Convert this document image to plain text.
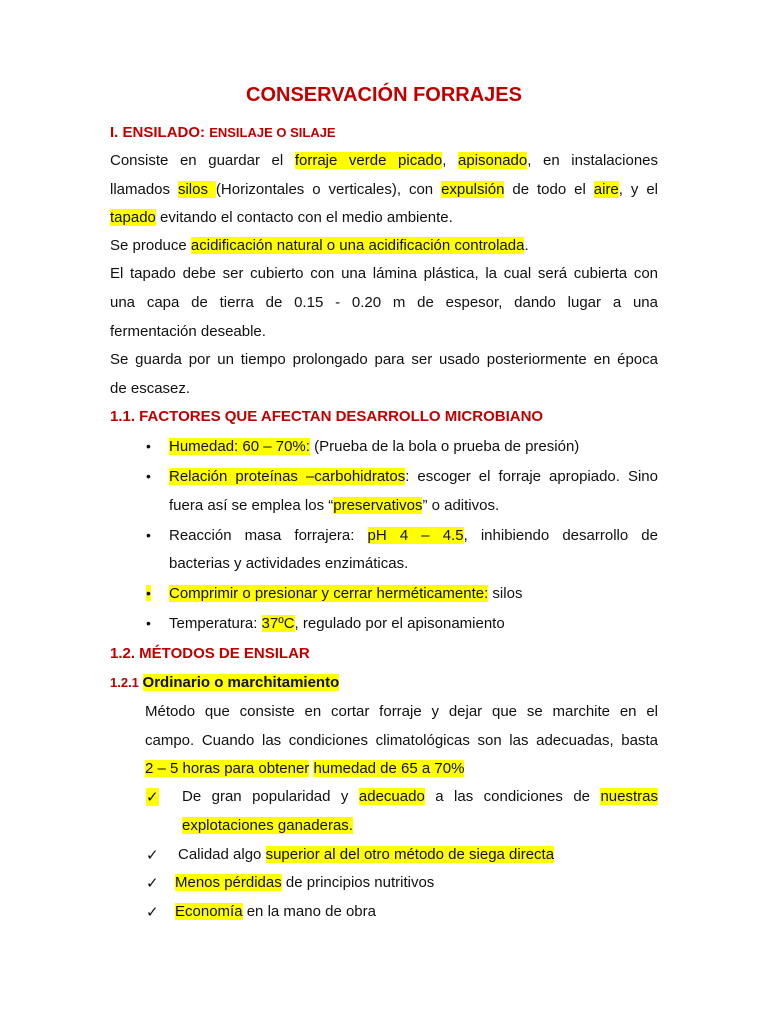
CONSERVACIÓN FORRAJES
I. ENSILADO: ENSILAJE O SILAJE
Consiste en guardar el forraje verde picado, apisonado, en instalaciones
llamados silos (Horizontales o verticales), con expulsión de todo el aire, y el
tapado evitando el contacto con el medio ambiente.
Se produce acidificación natural o una acidificación controlada.
El tapado debe ser cubierto con una lámina plástica, la cual será cubierta con
una capa de tierra de 0.15 - 0.20 m de espesor, dando lugar a una
fermentación deseable.
Se guarda por un tiempo prolongado para ser usado posteriormente en época
de escasez.
1.1. FACTORES QUE AFECTAN DESARROLLO MICROBIANO
• Humedad: 60 – 70%: (Prueba de la bola o prueba de presión)
• Relación proteínas –carbohidratos: escoger el forraje apropiado. Sino
fuera así se emplea los “preservativos” o aditivos.
• Reacción masa forrajera: pH 4 – 4.5, inhibiendo desarrollo de
bacterias y actividades enzimáticas.
• Comprimir o presionar y cerrar herméticamente: silos
• Temperatura: 37ºC, regulado por el apisonamiento
1.2. MÉTODOS DE ENSILAR
1.2.1 Ordinario o marchitamiento
Método que consiste en cortar forraje y dejar que se marchite en el
campo. Cuando las condiciones climatológicas son las adecuadas, basta
2 – 5 horas para obtener humedad de 65 a 70%
✓ De gran popularidad y adecuado a las condiciones de nuestras
explotaciones ganaderas.
✓ Calidad algo superior al del otro método de siega directa
✓ Menos pérdidas de principios nutritivos
✓ Economía en la mano de obra
